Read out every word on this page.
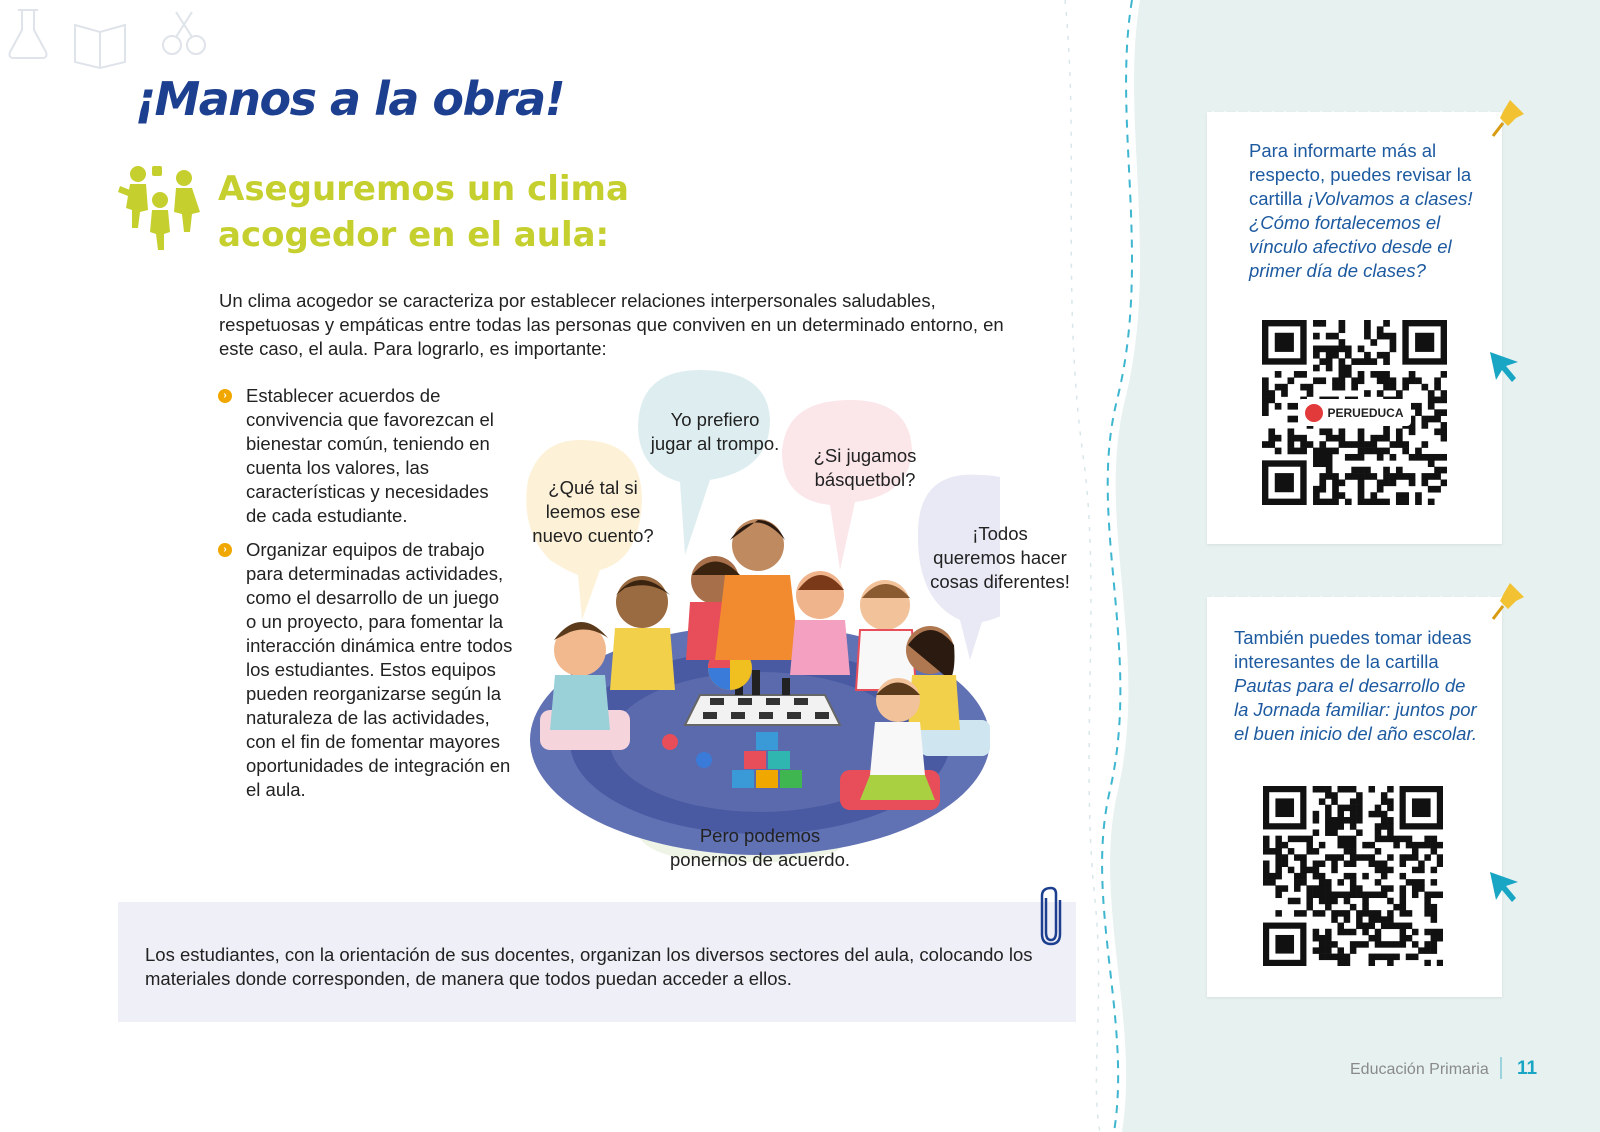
¡Manos a la obra!
Aseguremos un clima
acogedor en el aula:

Un clima acogedor se caracteriza por establecer relaciones interpersonales saludables, respetuosas y empáticas entre todas las personas que conviven en un determinado entorno, en este caso, el aula. Para lograrlo, es importante:

› Establecer acuerdos de convivencia que favorezcan el bienestar común, teniendo en cuenta los valores, las características y necesidades de cada estudiante.
› Organizar equipos de trabajo para determinadas actividades, como el desarrollo de un juego o un proyecto, para fomentar la interacción dinámica entre todos los estudiantes. Estos equipos pueden reorganizarse según la naturaleza de las actividades, con el fin de fomentar mayores oportunidades de integración en el aula.
¿Qué tal si leemos ese nuevo cuento?
Yo prefiero jugar al trompo.
¿Si jugamos básquetbol?
¡Todos queremos hacer cosas diferentes!
Pero podemos ponernos de acuerdo.

Los estudiantes, con la orientación de sus docentes, organizan los diversos sectores del aula, colocando los materiales donde corresponden, de manera que todos puedan acceder a ellos.

Para informarte más al respecto, puedes revisar la cartilla ¡Volvamos a clases! ¿Cómo fortalecemos el vínculo afectivo desde el primer día de clases?

PERUEDUCA

También puedes tomar ideas interesantes de la cartilla Pautas para el desarrollo de la Jornada familiar: juntos por el buen inicio del año escolar.

Educación Primaria 11
